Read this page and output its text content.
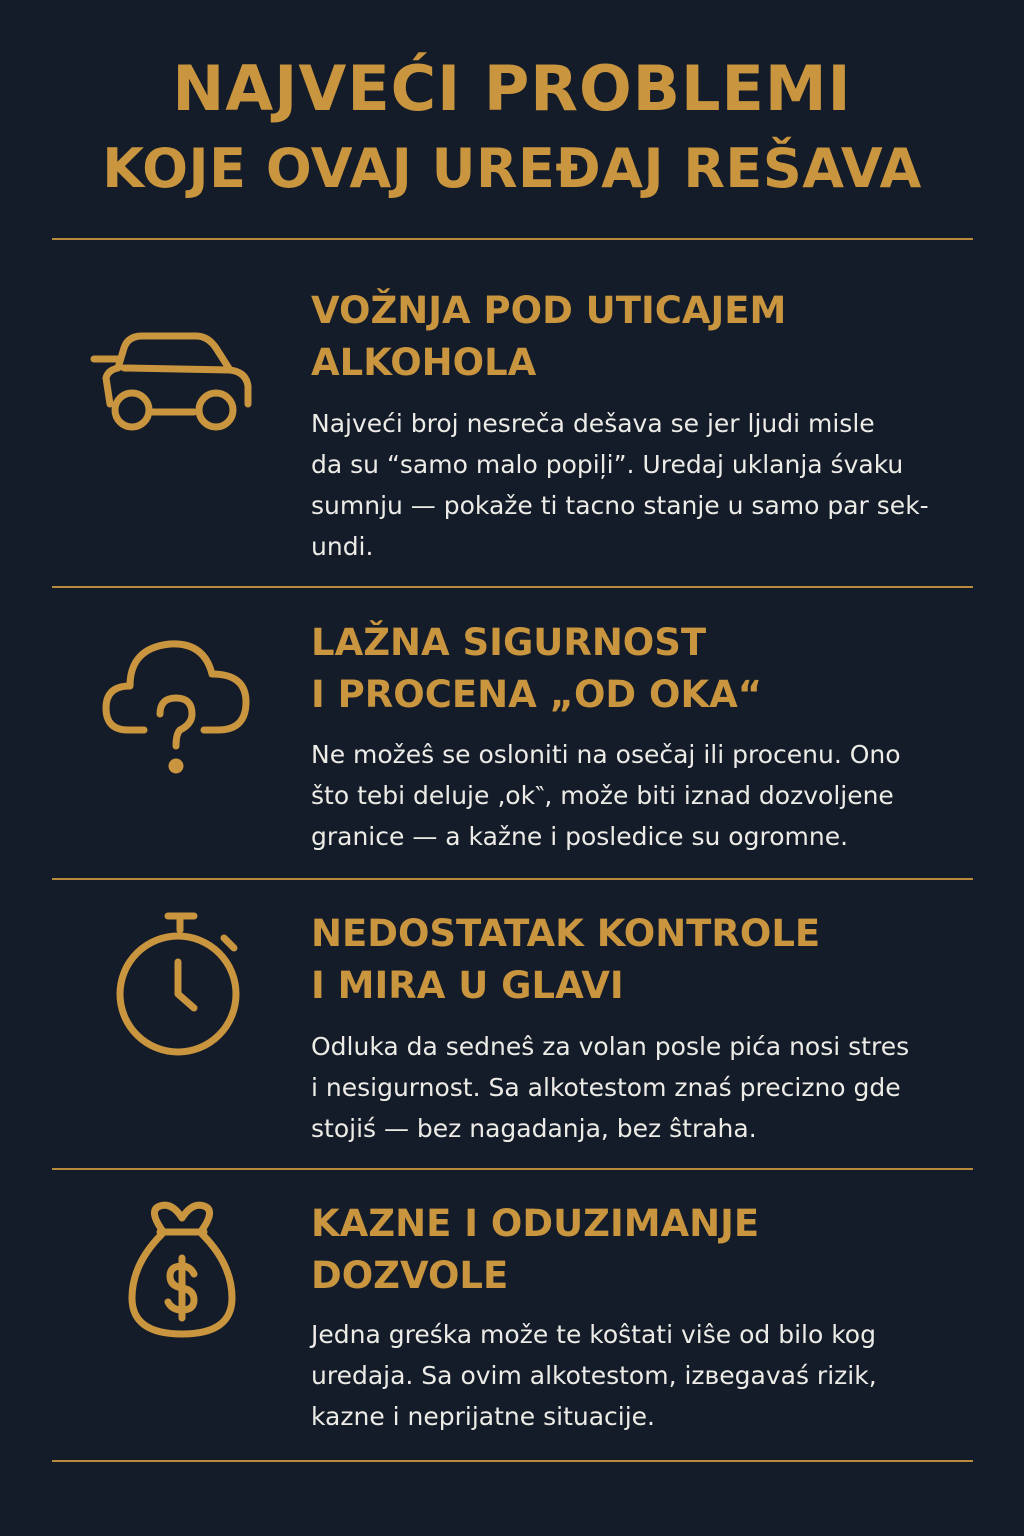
NAJVEĆI PROBLEMI
KOJE OVAJ UREĐAJ REŠAVA
VOŽNJA POD UTICAJEM
ALKOHOLA

Najveći broj nesreča dešava se jer ljudi misle
da su “samo malo popiļi”. Uredaj uklanja śvaku
sumnju — pokaže ti tacno stanje u samo par sek-
undi.

LAŽNA SIGURNOST
I PROCENA „OD OKA“

Ne možeŝ se osloniti na osečaj ili procenu. Ono
što tebi deluje ‚ok‶, može biti iznad dozvoljene
granice — a kažne i posledice su ogromne.

NEDOSTATAK KONTROLE
I MIRA U GLAVI

Odluka da sedneŝ za volan posle pića nosi stres
i nesigurnost. Sa alkotestom znaś precizno gde
stojiś — bez nagadanja, bez ŝtraha.

KAZNE I ODUZIMANJE
DOZVOLE

Jedna greśka može te koŝtati viŝe od bilo kog
uredaja. Sa ovim alkotestom, izвegavaś rizik,
kazne i neprijatne situacije.
